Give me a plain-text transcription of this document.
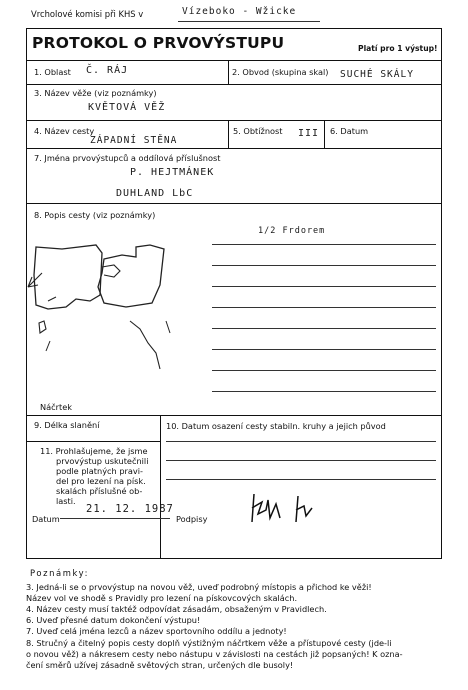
Vrcholové komisi při KHS v	Vízeboko - Wžicke
PROTOKOL O PRVOVÝSTUPU	Platí pro 1 výstup!
1. Oblast Č. RÁJ	2. Obvod (skupina skal) SUCHÉ SKÁLY
3. Název věže (viz poznámky)
KVĚTOVÁ VĚŽ
4. Název cesty
ZÁPADNÍ STĚNA
5. Obtížnost III 6. Datum
7. Jména prvovýstupců a oddílová příslušnost
P. HEJTMÁNEK
DUHLAND LbC
8. Popis cesty (viz poznámky)
1/2 Frdorem
Náčrtek
9. Délka slanění	10. Datum osazení cesty stabiln. kruhy a jejich původ
11. Prohlašujeme, že jsme
prvovýstup uskutečnili
podle platných pravi-
del pro lezení na písk.
skalách příslušné ob-
lasti.
Datum
21. 12. 1987
Podpisy
Poznámky:
3. Jedná-li se o prvovýstup na novou věž, uveď podrobný místopis a přichod ke věži!
Název vol ve shodě s Pravidly pro lezení na pískovcových skalách.
4. Název cesty musí taktéž odpovídat zásadám, obsaženým v Pravidlech.
6. Uveď přesné datum dokončení výstupu!
7. Uveď celá jména lezců a název sportovního oddílu a jednoty!
8. Stručný a čitelný popis cesty doplň výstižným náčrtkem věže a přístupové cesty (jde-li
o novou věž) a nákresem cesty nebo nástupu v závislosti na cestách již popsaných! K ozna-
čení směrů užívej zásadně světových stran, určených dle busoly!
